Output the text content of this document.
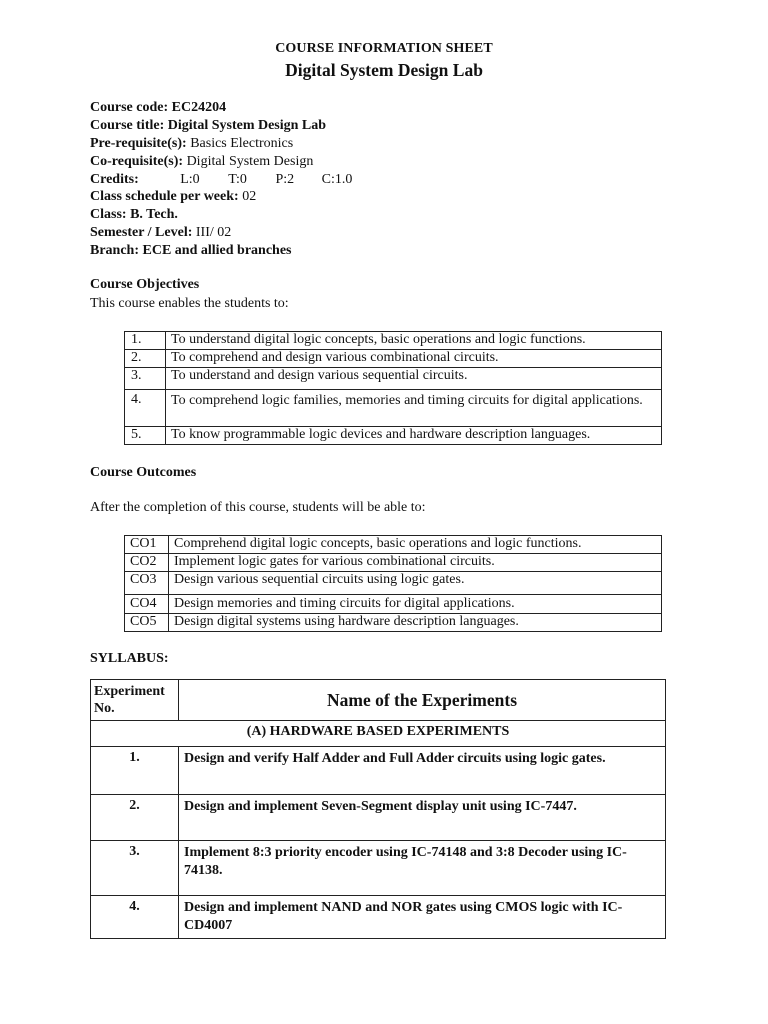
COURSE INFORMATION SHEET
Digital System Design Lab
Course code: EC24204
Course title: Digital System Design Lab
Pre-requisite(s): Basics Electronics
Co-requisite(s): Digital System Design
Credits:	L:0 T:0 P:2 C:1.0
Class schedule per week: 02
Class: B. Tech.
Semester / Level: III/ 02
Branch: ECE and allied branches
Course Objectives
This course enables the students to:
1.	To understand digital logic concepts, basic operations and logic functions.
2.	To comprehend and design various combinational circuits.
3.	To understand and design various sequential circuits.
4.	To comprehend logic families, memories and timing circuits for digital applications.
5.	To know programmable logic devices and hardware description languages.
Course Outcomes
After the completion of this course, students will be able to:
CO1	Comprehend digital logic concepts, basic operations and logic functions.
CO2	Implement logic gates for various combinational circuits.
CO3	Design various sequential circuits using logic gates.
CO4	Design memories and timing circuits for digital applications.
CO5	Design digital systems using hardware description languages.
SYLLABUS:
Experiment No.	Name of the Experiments
(A) HARDWARE BASED EXPERIMENTS	
1.	Design and verify Half Adder and Full Adder circuits using logic gates.
2.	Design and implement Seven-Segment display unit using IC-7447.
3.	Implement 8:3 priority encoder using IC-74148 and 3:8 Decoder using IC-74138.
4.	Design and implement NAND and NOR gates using CMOS logic with IC-CD4007
